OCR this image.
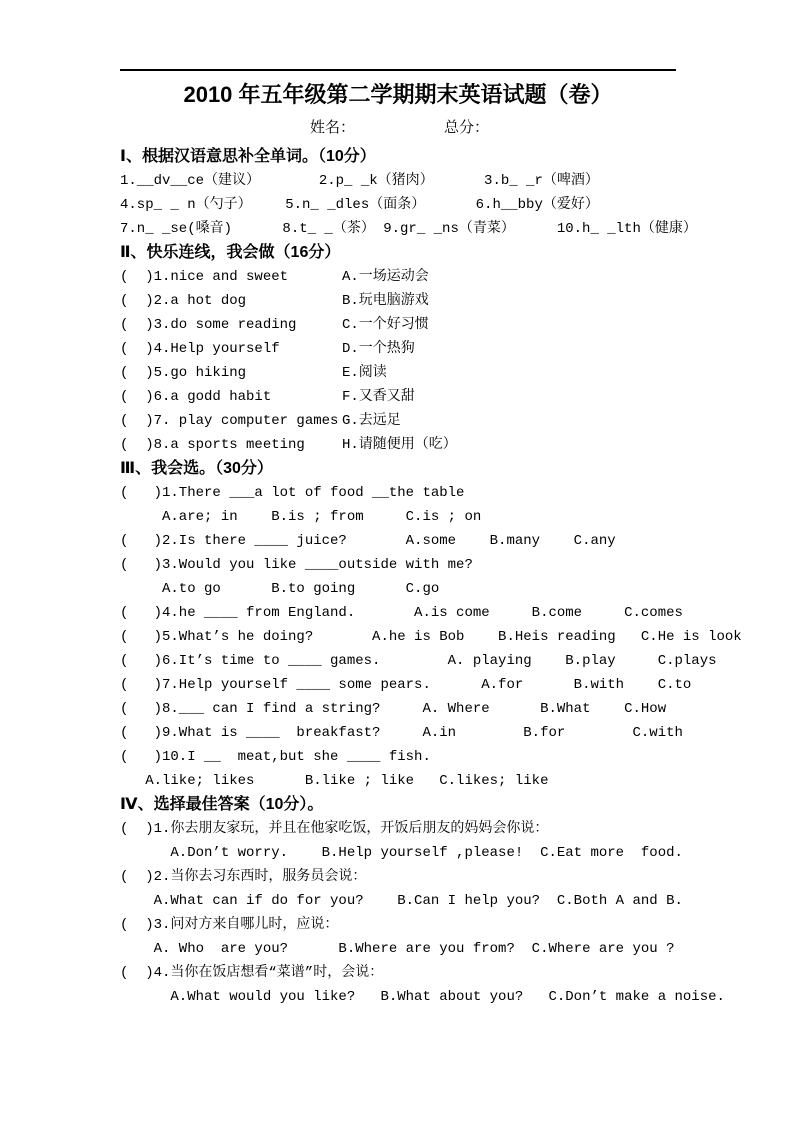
2010 年五年级第二学期期末英语试题（卷）
姓名：	总分：
Ⅰ、根据汉语意思补全单词。（10分）
1.__dv__ce（建议）       2.p_ _k（猪肉）      3.b_ _r（啤酒）
4.sp_ _ n（勺子）    5.n_ _dles（面条）      6.h__bby（爱好）
7.n_ _se(嗓音)      8.t_ _（茶） 9.gr_ _ns（青菜）     10.h_ _lth（健康）
Ⅱ、快乐连线，我会做（16分）
(  )1.nice and sweet	A.一场运动会
(  )2.a hot dog	B.玩电脑游戏
(  )3.do some reading	C.一个好习惯
(  )4.Help yourself	D.一个热狗
(  )5.go hiking	E.阅读
(  )6.a godd habit	F.又香又甜
(  )7. play computer games G.去远足
(  )8.a sports meeting	H.请随便用（吃）
Ⅲ、我会选。（30分）
(   )1.There ___a lot of food __the table
A.are; in    B.is ; from     C.is ; on
(   )2.Is there ____ juice?       A.some    B.many    C.any
(   )3.Would you like ____outside with me?
A.to go      B.to going      C.go
(   )4.he ____ from England.       A.is come     B.come     C.comes
(   )5.What’s he doing?       A.he is Bob    B.Heis reading   C.He is look
(   )6.It’s time to ____ games.        A. playing    B.play     C.plays
(   )7.Help yourself ____ some pears.      A.for      B.with    C.to
(   )8.___ can I find a string?     A. Where      B.What    C.How
(   )9.What is ____  breakfast?     A.in        B.for        C.with
(   )10.I __  meat,but she ____ fish.
A.like; likes      B.like ; like   C.likes; like
Ⅳ、选择最佳答案（10分）。
(  )1.你去朋友家玩，并且在他家吃饭，开饭后朋友的妈妈会你说：
A.Don’t worry.    B.Help yourself ,please!  C.Eat more  food.
(  )2.当你去习东西时，服务员会说：
A.What can if do for you?    B.Can I help you?  C.Both A and B.
(  )3.问对方来自哪儿时，应说：
A. Who  are you?      B.Where are you from?  C.Where are you ?
(  )4.当你在饭店想看“菜谱”时，会说：
A.What would you like?   B.What about you?   C.Don’t make a noise.
